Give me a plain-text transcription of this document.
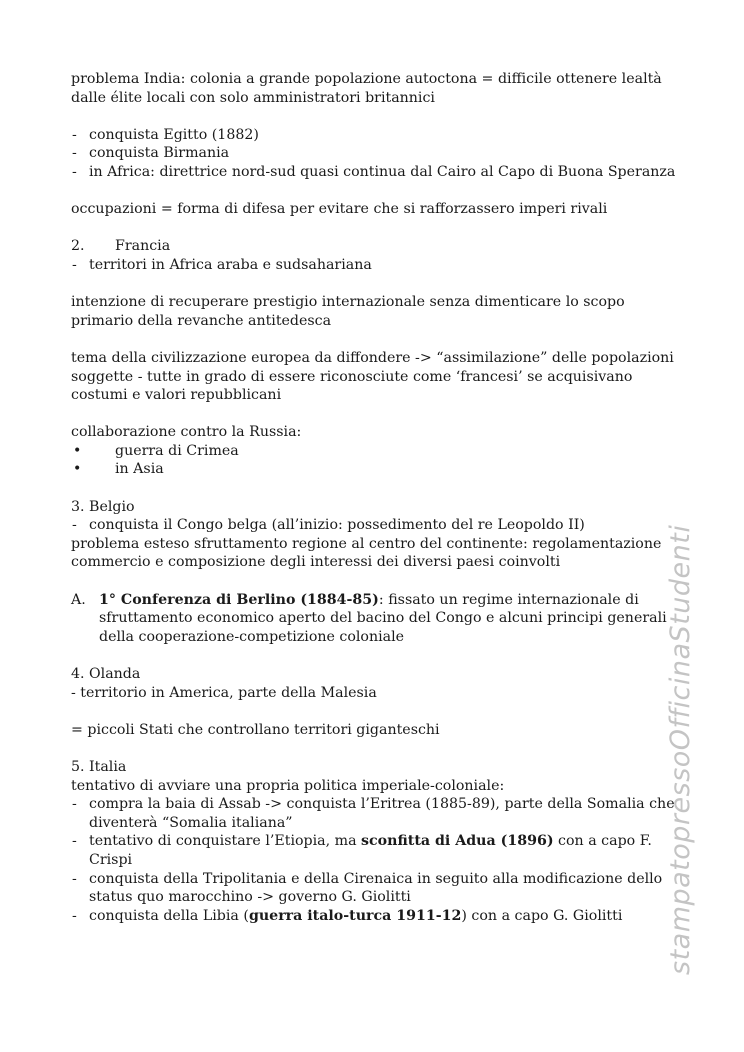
problema India: colonia a grande popolazione autoctona = difficile ottenere lealtà dalle élite locali con solo amministratori britannici

- conquista Egitto (1882)
- conquista Birmania
- in Africa: direttrice nord-sud quasi continua dal Cairo al Capo di Buona Speranza

occupazioni = forma di difesa per evitare che si rafforzassero imperi rivali

2. Francia

- territori in Africa araba e sudsahariana

intenzione di recuperare prestigio internazionale senza dimenticare lo scopo primario della revanche antitedesca

tema della civilizzazione europea da diffondere -> “assimilazione” delle popolazioni soggette - tutte in grado di essere riconosciute come ‘francesi’ se acquisivano costumi e valori repubblicani

collaborazione contro la Russia:

• guerra di Crimea
• in Asia

3. Belgio

- conquista il Congo belga (all’inizio: possedimento del re Leopoldo II)

problema esteso sfruttamento regione al centro del continente: regolamentazione commercio e composizione degli interessi dei diversi paesi coinvolti

A. 1° Conferenza di Berlino (1884-85): fissato un regime internazionale di sfruttamento economico aperto del bacino del Congo e alcuni principi generali della cooperazione-competizione coloniale

4. Olanda

- territorio in America, parte della Malesia

= piccoli Stati che controllano territori giganteschi

5. Italia

tentativo di avviare una propria politica imperiale-coloniale:

- compra la baia di Assab -> conquista l’Eritrea (1885-89), parte della Somalia che diventerà “Somalia italiana”
- tentativo di conquistare l’Etiopia, ma sconfitta di Adua (1896) con a capo F. Crispi
- conquista della Tripolitania e della Cirenaica in seguito alla modificazione dello status quo marocchino -> governo G. Giolitti
- conquista della Libia (guerra italo-turca 1911-12) con a capo G. Giolitti	stampatopressoOfficinaStudenti
